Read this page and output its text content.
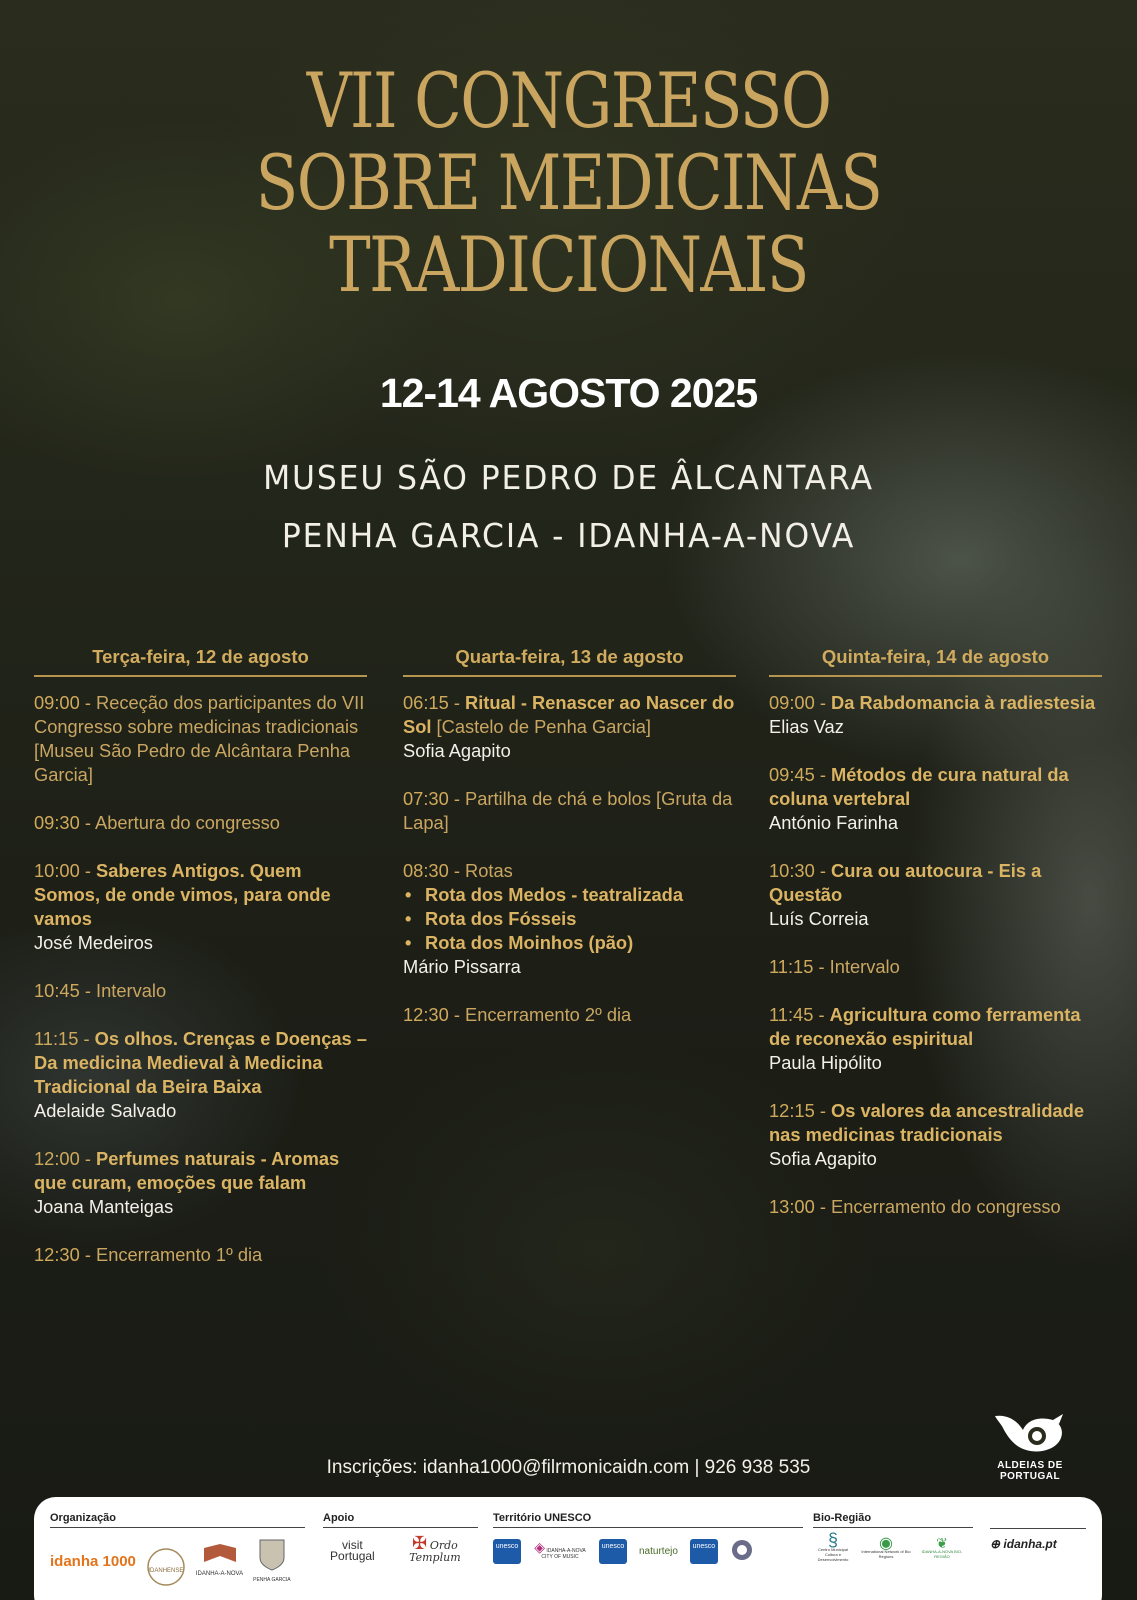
VII CONGRESSO
SOBRE MEDICINAS
TRADICIONAIS
12-14 AGOSTO 2025
MUSEU SÃO PEDRO DE ÂLCANTARA
PENHA GARCIA - IDANHA-A-NOVA
Terça-feira, 12 de agosto
09:00 - Receção dos participantes do VII Congresso sobre medicinas tradicionais [Museu São Pedro de Alcântara Penha Garcia]
09:30 - Abertura do congresso
10:00 - Saberes Antigos. Quem Somos, de onde vimos, para onde vamos
José Medeiros
10:45 - Intervalo
11:15 - Os olhos. Crenças e Doenças – Da medicina Medieval à Medicina Tradicional da Beira Baixa
Adelaide Salvado
12:00 - Perfumes naturais - Aromas que curam, emoções que falam
Joana Manteigas
12:30 - Encerramento 1º dia
Quarta-feira, 13 de agosto
06:15 - Ritual - Renascer ao Nascer do Sol [Castelo de Penha Garcia]
Sofia Agapito
07:30 - Partilha de chá e bolos [Gruta da Lapa]
08:30 - Rotas
• Rota dos Medos - teatralizada
• Rota dos Fósseis
• Rota dos Moinhos (pão)
Mário Pissarra
12:30 - Encerramento 2º dia
Quinta-feira, 14 de agosto
09:00 - Da Rabdomancia à radiestesia
Elias Vaz
09:45 - Métodos de cura natural da coluna vertebral
António Farinha
10:30 - Cura ou autocura - Eis a Questão
Luís Correia
11:15 - Intervalo
11:45 - Agricultura como ferramenta de reconexão espiritual
Paula Hipólito
12:15 - Os valores da ancestralidade nas medicinas tradicionais
Sofia Agapito
13:00 - Encerramento do congresso
Inscrições: idanha1000@filrmonicaidn.com | 926 938 535	ALDEIAS DE
PORTUGAL
Organização
idanha 1000
IDANHENSE	IDANHA-A-NOVA
PENHA GARCIA
Apoio
visit Portugal
✠ Ordo Templum
Território UNESCO
unesco ◈ IDANHA-A-NOVA CITY OF MUSIC
unesco naturtejo	unesco
Bio-Região
§
Centro Municipal Cultura e Desenvolvimento
◉
International Network of Bio Regions
❦
IDANHA-A-NOVA BIO-REGIÃO
⊕ idanha.pt
